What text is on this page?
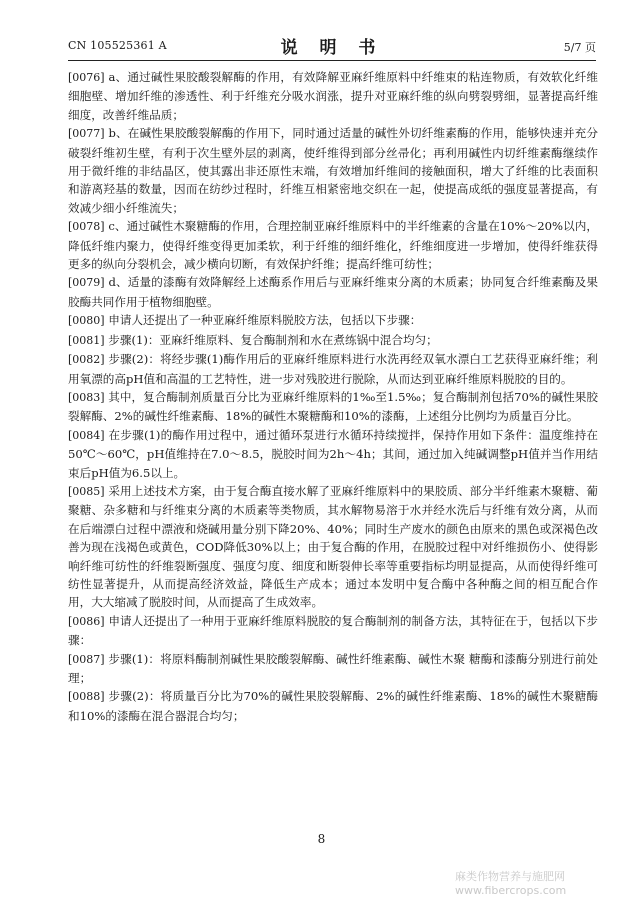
CN 105525361 A	说 明 书	5/7 页

[0076] a、通过碱性果胶酸裂解酶的作用，有效降解亚麻纤维原料中纤维束的粘连物质，有效软化纤维细胞壁、增加纤维的渗透性、利于纤维充分吸水润涨，提升对亚麻纤维的纵向劈裂劈细，显著提高纤维细度，改善纤维品质；

[0077] b、在碱性果胶酸裂解酶的作用下，同时通过适量的碱性外切纤维素酶的作用，能够快速并充分破裂纤维初生壁，有利于次生壁外层的剥离，使纤维得到部分丝帚化；再利用碱性内切纤维素酶继续作用于微纤维的非结晶区，使其露出非还原性末端，有效增加纤维间的接触面积，增大了纤维的比表面积和游离羟基的数量，因而在纺纱过程时，纤维互相紧密地交织在一起，使提高成纸的强度显著提高，有效减少细小纤维流失；

[0078] c、通过碱性木聚糖酶的作用，合理控制亚麻纤维原料中的半纤维素的含量在10%～20%以内，降低纤维内聚力，使得纤维变得更加柔软，利于纤维的细纤维化，纤维细度进一步增加，使得纤维获得更多的纵向分裂机会，减少横向切断，有效保护纤维；提高纤维可纺性；

[0079] d、适量的漆酶有效降解经上述酶系作用后与亚麻纤维束分离的木质素；协同复合纤维素酶及果胶酶共同作用于植物细胞壁。

[0080] 申请人还提出了一种亚麻纤维原料脱胶方法，包括以下步骤：

[0081] 步骤(1)：亚麻纤维原料、复合酶制剂和水在煮练锅中混合均匀；

[0082] 步骤(2)：将经步骤(1)酶作用后的亚麻纤维原料进行水洗再经双氧水漂白工艺获得亚麻纤维；利用氧漂的高pH值和高温的工艺特性，进一步对残胶进行脱除，从而达到亚麻纤维原料脱胶的目的。

[0083] 其中，复合酶制剂质量百分比为亚麻纤维原料的1‰至1.5‰；复合酶制剂包括70%的碱性果胶裂解酶、2%的碱性纤维素酶、18%的碱性木聚糖酶和10%的漆酶，上述组分比例均为质量百分比。

[0084] 在步骤(1)的酶作用过程中，通过循环泵进行水循环持续搅拌，保持作用如下条件：温度维持在50℃～60℃，pH值维持在7.0～8.5，脱胶时间为2h～4h；其间，通过加入纯碱调整pH值并当作用结束后pH值为6.5以上。

[0085] 采用上述技术方案，由于复合酶直接水解了亚麻纤维原料中的果胶质、部分半纤维素木聚糖、葡聚糖、杂多糖和与纤维束分离的木质素等类物质，其水解物易溶于水并经水洗后与纤维有效分离，从而在后端漂白过程中漂液和烧碱用量分别下降20%、40%；同时生产废水的颜色由原来的黑色或深褐色改善为现在浅褐色或黄色，COD降低30%以上；由于复合酶的作用，在脱胶过程中对纤维损伤小、使得影响纤维可纺性的纤维裂断强度、强度匀度、细度和断裂伸长率等重要指标均明显提高，从而使得纤维可纺性显著提升，从而提高经济效益，降低生产成本；通过本发明中复合酶中各种酶之间的相互配合作用，大大缩减了脱胶时间，从而提高了生成效率。

[0086] 申请人还提出了一种用于亚麻纤维原料脱胶的复合酶制剂的制备方法，其特征在于，包括以下步骤：

[0087] 步骤(1)：将原料酶制剂碱性果胶酸裂解酶、碱性纤维素酶、碱性木聚 糖酶和漆酶分别进行前处理；

[0088] 步骤(2)：将质量百分比为70%的碱性果胶裂解酶、2%的碱性纤维素酶、18%的碱性木聚糖酶和10%的漆酶在混合器混合均匀；

8
麻类作物营养与施肥网
www.fibercrops.com
